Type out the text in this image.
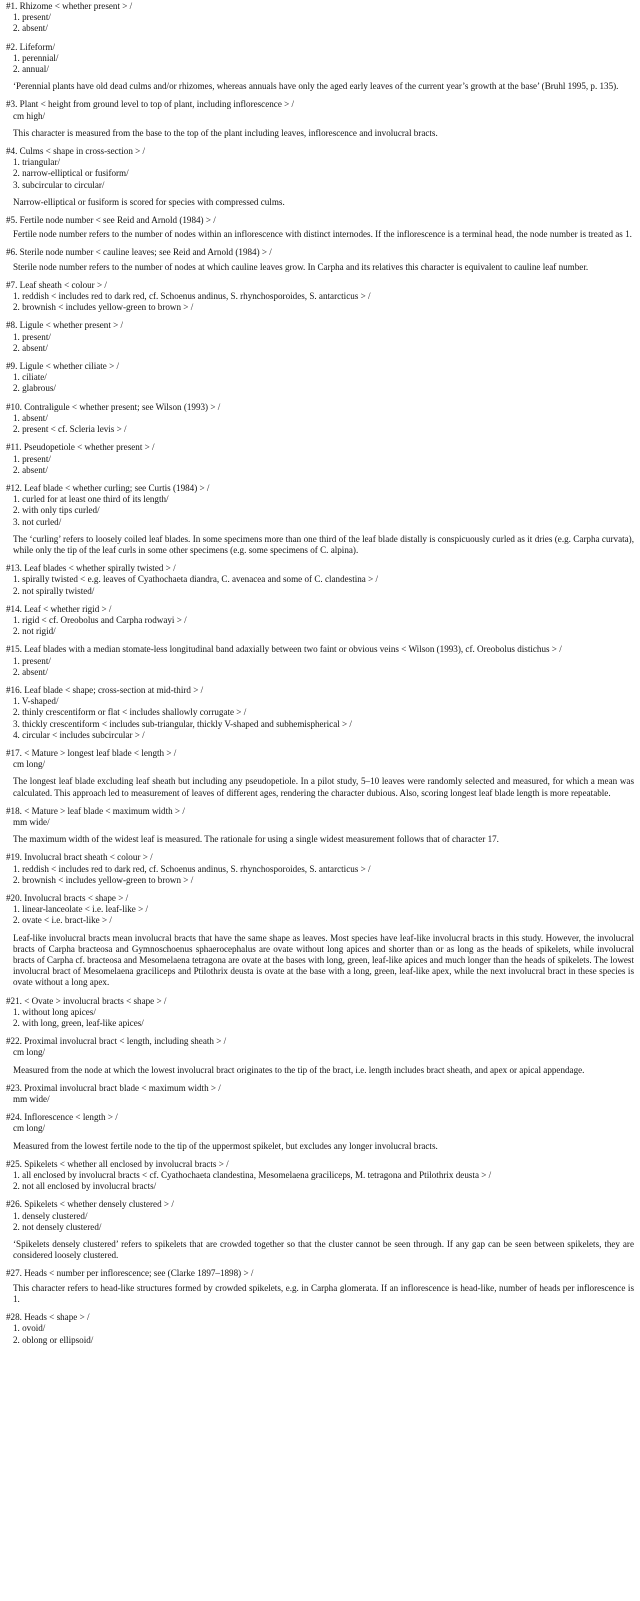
#1. Rhizome < whether present > /
1. present/
2. absent/
#2. Lifeform/
1. perennial/
2. annual/
‘Perennial plants have old dead culms and/or rhizomes, whereas annuals have only the aged early leaves of the current year’s growth at the base’ (Bruhl 1995, p. 135).
#3. Plant < height from ground level to top of plant, including inflorescence > /
cm high/
This character is measured from the base to the top of the plant including leaves, inflorescence and involucral bracts.
#4. Culms < shape in cross-section > /
1. triangular/
2. narrow-elliptical or fusiform/
3. subcircular to circular/
Narrow-elliptical or fusiform is scored for species with compressed culms.
#5. Fertile node number < see Reid and Arnold (1984) > /
Fertile node number refers to the number of nodes within an inflorescence with distinct internodes. If the inflorescence is a terminal head, the node number is treated as 1.
#6. Sterile node number < cauline leaves; see Reid and Arnold (1984) > /
Sterile node number refers to the number of nodes at which cauline leaves grow. In Carpha and its relatives this character is equivalent to cauline leaf number.
#7. Leaf sheath < colour > /
1. reddish < includes red to dark red, cf. Schoenus andinus, S. rhynchosporoides, S. antarcticus > /
2. brownish < includes yellow-green to brown > /
#8. Ligule < whether present > /
1. present/
2. absent/
#9. Ligule < whether ciliate > /
1. ciliate/
2. glabrous/
#10. Contraligule < whether present; see Wilson (1993) > /
1. absent/
2. present < cf. Scleria levis > /
#11. Pseudopetiole < whether present > /
1. present/
2. absent/
#12. Leaf blade < whether curling; see Curtis (1984) > /
1. curled for at least one third of its length/
2. with only tips curled/
3. not curled/
The ‘curling’ refers to loosely coiled leaf blades. In some specimens more than one third of the leaf blade distally is conspicuously curled as it dries (e.g. Carpha curvata), while only the tip of the leaf curls in some other specimens (e.g. some specimens of C. alpina).
#13. Leaf blades < whether spirally twisted > /
1. spirally twisted < e.g. leaves of Cyathochaeta diandra, C. avenacea and some of C. clandestina > /
2. not spirally twisted/
#14. Leaf < whether rigid > /
1. rigid < cf. Oreobolus and Carpha rodwayi > /
2. not rigid/
#15. Leaf blades with a median stomate-less longitudinal band adaxially between two faint or obvious veins < Wilson (1993), cf. Oreobolus distichus > /
1. present/
2. absent/
#16. Leaf blade < shape; cross-section at mid-third > /
1. V-shaped/
2. thinly crescentiform or flat < includes shallowly corrugate > /
3. thickly crescentiform < includes sub-triangular, thickly V-shaped and subhemispherical > /
4. circular < includes subcircular > /
#17. < Mature > longest leaf blade < length > /
cm long/
The longest leaf blade excluding leaf sheath but including any pseudopetiole. In a pilot study, 5–10 leaves were randomly selected and measured, for which a mean was calculated. This approach led to measurement of leaves of different ages, rendering the character dubious. Also, scoring longest leaf blade length is more repeatable.
#18. < Mature > leaf blade < maximum width > /
mm wide/
The maximum width of the widest leaf is measured. The rationale for using a single widest measurement follows that of character 17.
#19. Involucral bract sheath < colour > /
1. reddish < includes red to dark red, cf. Schoenus andinus, S. rhynchosporoides, S. antarcticus > /
2. brownish < includes yellow-green to brown > /
#20. Involucral bracts < shape > /
1. linear-lanceolate < i.e. leaf-like > /
2. ovate < i.e. bract-like > /
Leaf-like involucral bracts mean involucral bracts that have the same shape as leaves. Most species have leaf-like involucral bracts in this study. However, the involucral bracts of Carpha bracteosa and Gymnoschoenus sphaerocephalus are ovate without long apices and shorter than or as long as the heads of spikelets, while involucral bracts of Carpha cf. bracteosa and Mesomelaena tetragona are ovate at the bases with long, green, leaf-like apices and much longer than the heads of spikelets. The lowest involucral bract of Mesomelaena graciliceps and Ptilothrix deusta is ovate at the base with a long, green, leaf-like apex, while the next involucral bract in these species is ovate without a long apex.
#21. < Ovate > involucral bracts < shape > /
1. without long apices/
2. with long, green, leaf-like apices/
#22. Proximal involucral bract < length, including sheath > /
cm long/
Measured from the node at which the lowest involucral bract originates to the tip of the bract, i.e. length includes bract sheath, and apex or apical appendage.
#23. Proximal involucral bract blade < maximum width > /
mm wide/
#24. Inflorescence < length > /
cm long/
Measured from the lowest fertile node to the tip of the uppermost spikelet, but excludes any longer involucral bracts.
#25. Spikelets < whether all enclosed by involucral bracts > /
1. all enclosed by involucral bracts < cf. Cyathochaeta clandestina, Mesomelaena graciliceps, M. tetragona and Ptilothrix deusta > /
2. not all enclosed by involucral bracts/
#26. Spikelets < whether densely clustered > /
1. densely clustered/
2. not densely clustered/
‘Spikelets densely clustered’ refers to spikelets that are crowded together so that the cluster cannot be seen through. If any gap can be seen between spikelets, they are considered loosely clustered.
#27. Heads < number per inflorescence; see (Clarke 1897–1898) > /
This character refers to head-like structures formed by crowded spikelets, e.g. in Carpha glomerata. If an inflorescence is head-like, number of heads per inflorescence is 1.
#28. Heads < shape > /
1. ovoid/
2. oblong or ellipsoid/
